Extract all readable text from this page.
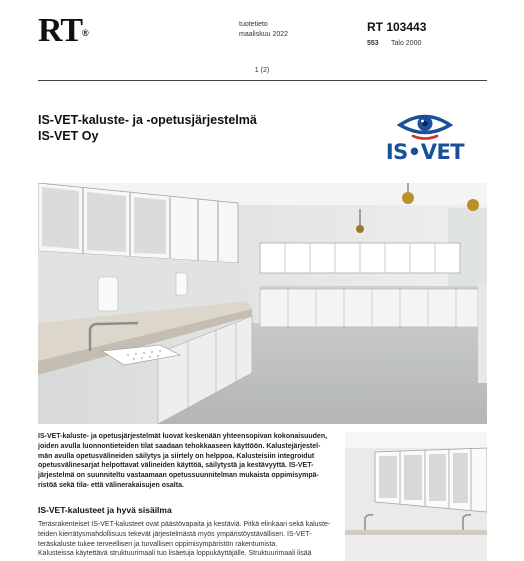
RT®
tuotetieto
maaliskuu 2022
RT 103443
553 Talo 2000
1 (2)
IS-VET-kaluste- ja -opetusjärjestelmä
IS-VET Oy
IS•VET
IS-VET-kaluste- ja opetusjärjestelmät luovat keskenään yhteensopivan kokonaisuuden,
joiden avulla luonnontieteiden tilat saadaan tehokkaaseen käyttöön. Kalustejärjestel-
män avulla opetusvälineiden säilytys ja siirtely on helppoa. Kalusteisiin integroidut
opetusvälinesarjat helpottavat välineiden käyttöä, säilytystä ja kestävyyttä. IS-VET-
järjestelmä on suunniteltu vastaamaan opetussuunnitelman mukaista oppimisympä-
ristöä sekä tila- että välinerakaisujen osalta.
IS-VET-kalusteet ja hyvä sisäilma
Teräsrakenteiset IS-VET-kalusteet ovat päästövapaita ja kestäviä. Pitkä elinkaari sekä kaluste-
teiden kierrätysmahdollisuus tekevät järjestelmästä myös ympäristöystävällisen. IS-VET-
teräskaluste tukee terveellisen ja turvallisen oppimisympäristön rakentumista.
Kalusteissa käytettävä struktuurimaali tuo lisäetuja loppukäyttäjälle. Struktuurimaali lisää
